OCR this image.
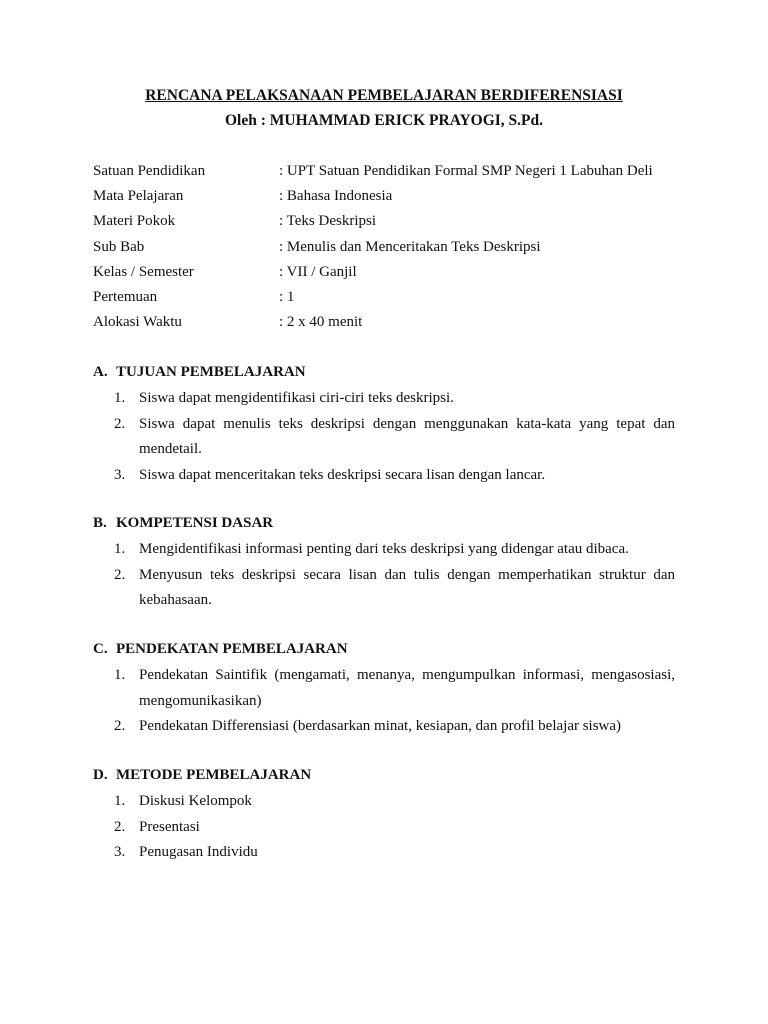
RENCANA PELAKSANAAN PEMBELAJARAN BERDIFERENSIASI
Oleh : MUHAMMAD ERICK PRAYOGI, S.Pd.
Satuan Pendidikan	: UPT Satuan Pendidikan Formal SMP Negeri 1 Labuhan Deli
Mata Pelajaran	: Bahasa Indonesia
Materi Pokok	: Teks Deskripsi
Sub Bab	: Menulis dan Menceritakan Teks Deskripsi
Kelas / Semester	: VII / Ganjil
Pertemuan	: 1
Alokasi Waktu	: 2 x 40 menit
A. TUJUAN PEMBELAJARAN
1. Siswa dapat mengidentifikasi ciri-ciri teks deskripsi.
2. Siswa dapat menulis teks deskripsi dengan menggunakan kata-kata yang tepat dan mendetail.
3. Siswa dapat menceritakan teks deskripsi secara lisan dengan lancar.
B. KOMPETENSI DASAR
1. Mengidentifikasi informasi penting dari teks deskripsi yang didengar atau dibaca.
2. Menyusun teks deskripsi secara lisan dan tulis dengan memperhatikan struktur dan kebahasaan.
C. PENDEKATAN PEMBELAJARAN
1. Pendekatan Saintifik (mengamati, menanya, mengumpulkan informasi, mengasosiasi, mengomunikasikan)
2. Pendekatan Differensiasi (berdasarkan minat, kesiapan, dan profil belajar siswa)
D. METODE PEMBELAJARAN
1. Diskusi Kelompok
2. Presentasi
3. Penugasan Individu
